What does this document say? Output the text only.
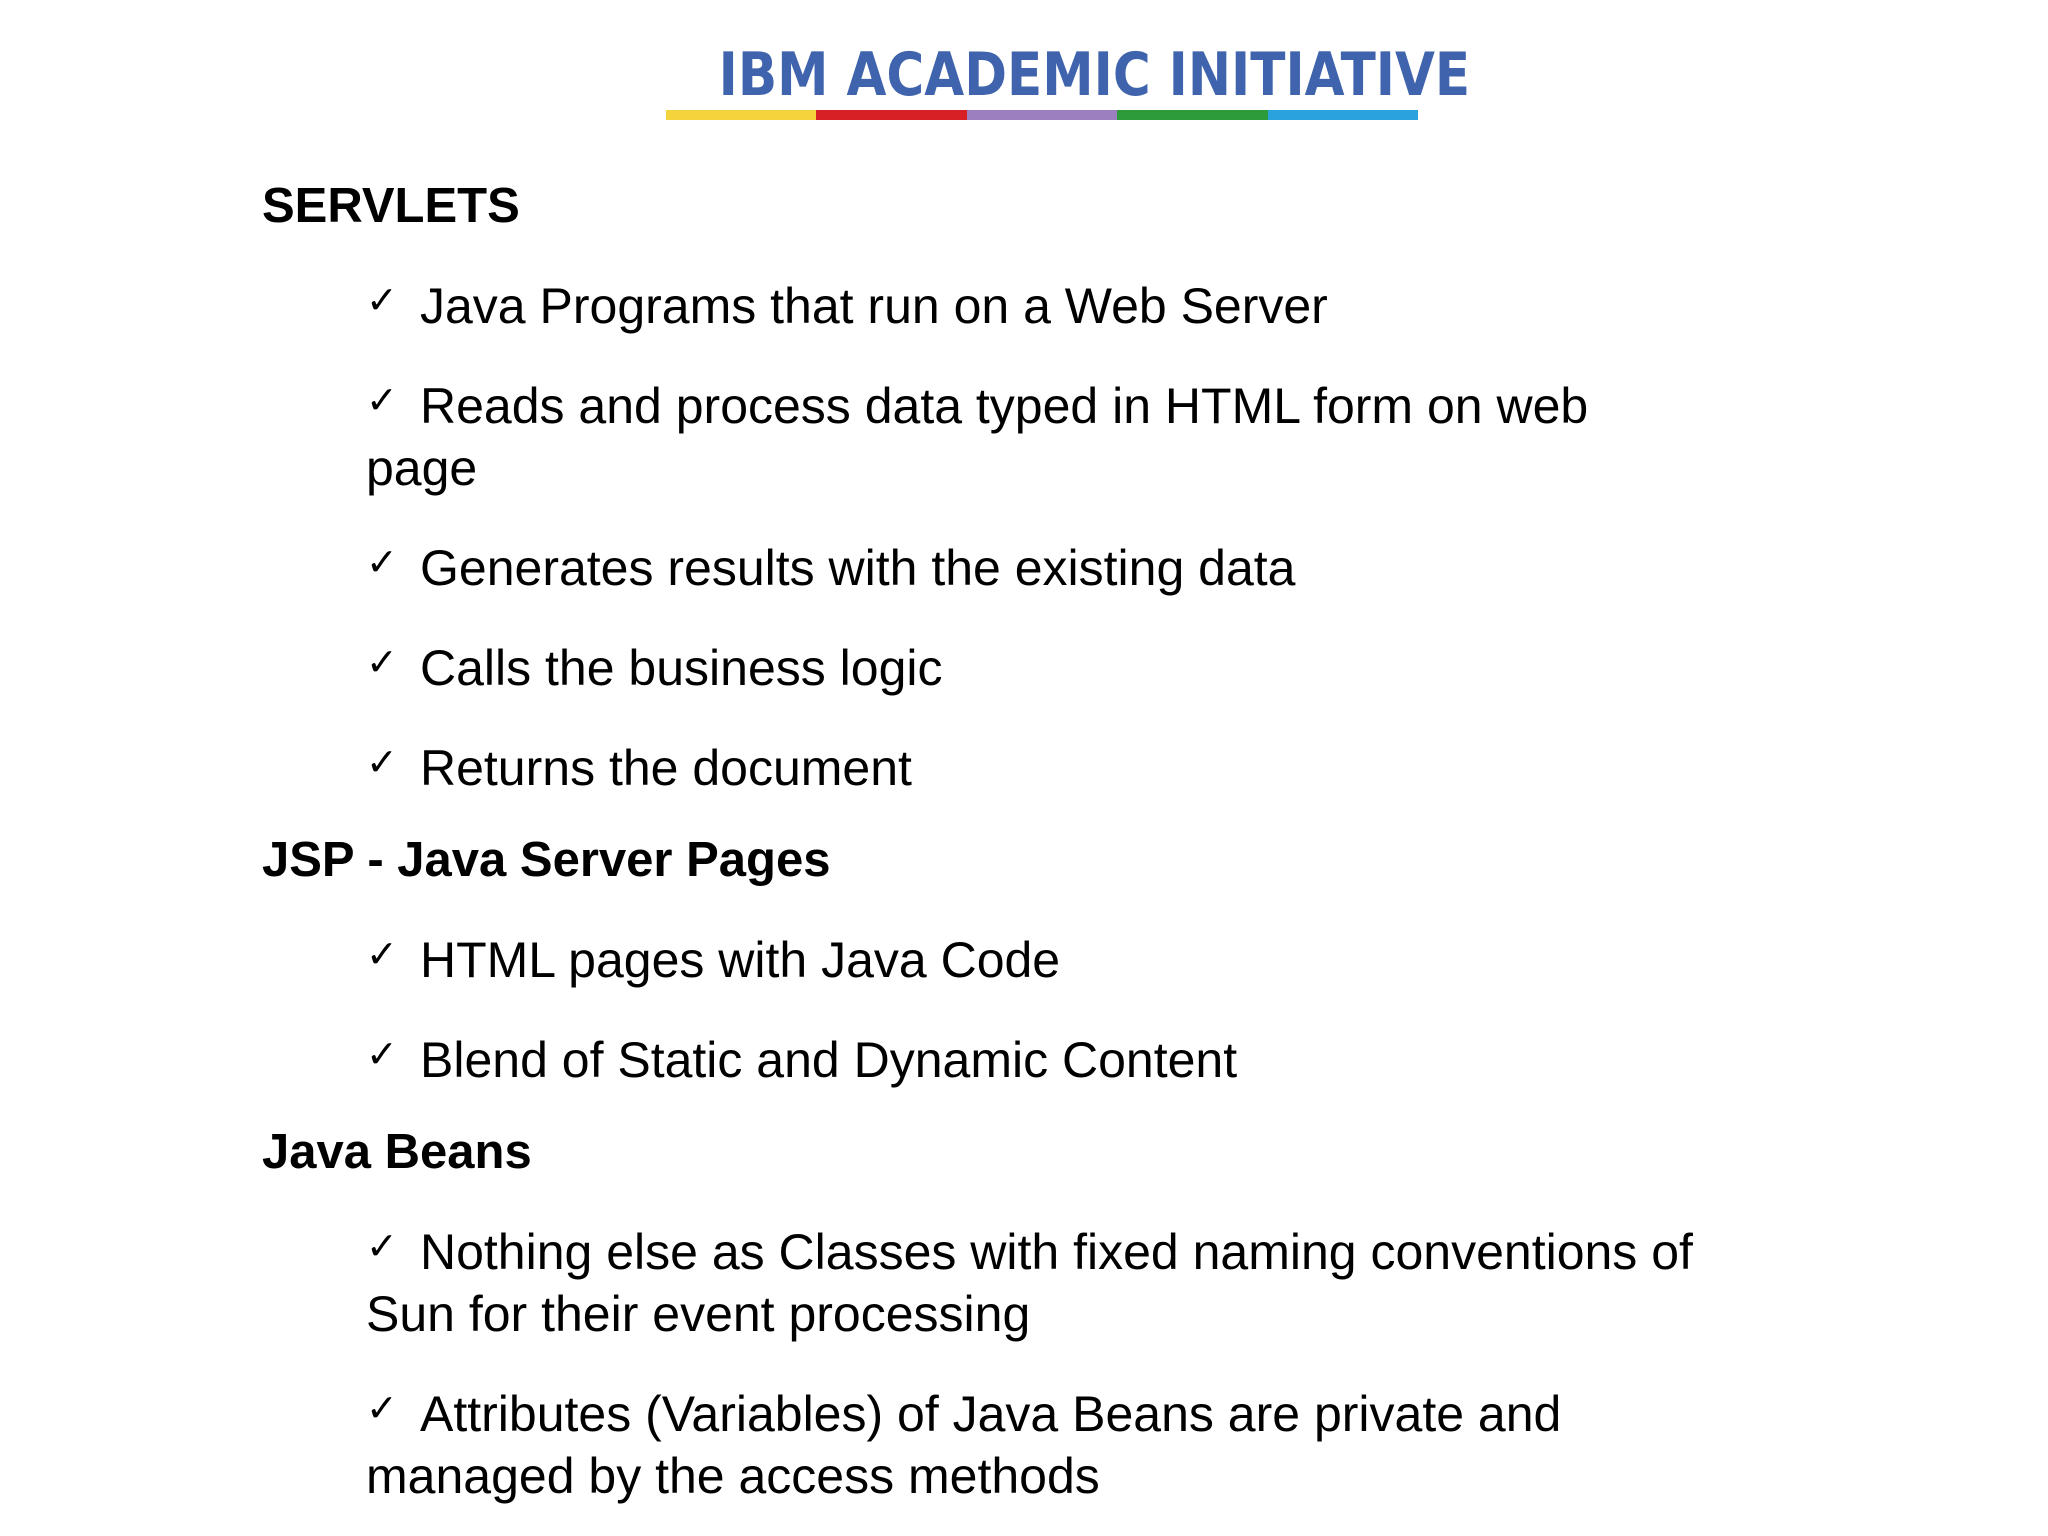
IBM ACADEMIC INITIATIVE
SERVLETS
✓ Java Programs that run on a Web Server
✓ Reads and process data typed in HTML form on web page
✓ Generates results with the existing data
✓ Calls the business logic
✓ Returns the document
JSP - Java Server Pages
✓ HTML pages with Java Code
✓ Blend of Static and Dynamic Content
Java Beans
✓ Nothing else as Classes with fixed naming conventions of Sun for their event processing
✓ Attributes (Variables) of Java Beans are private and managed by the access methods
